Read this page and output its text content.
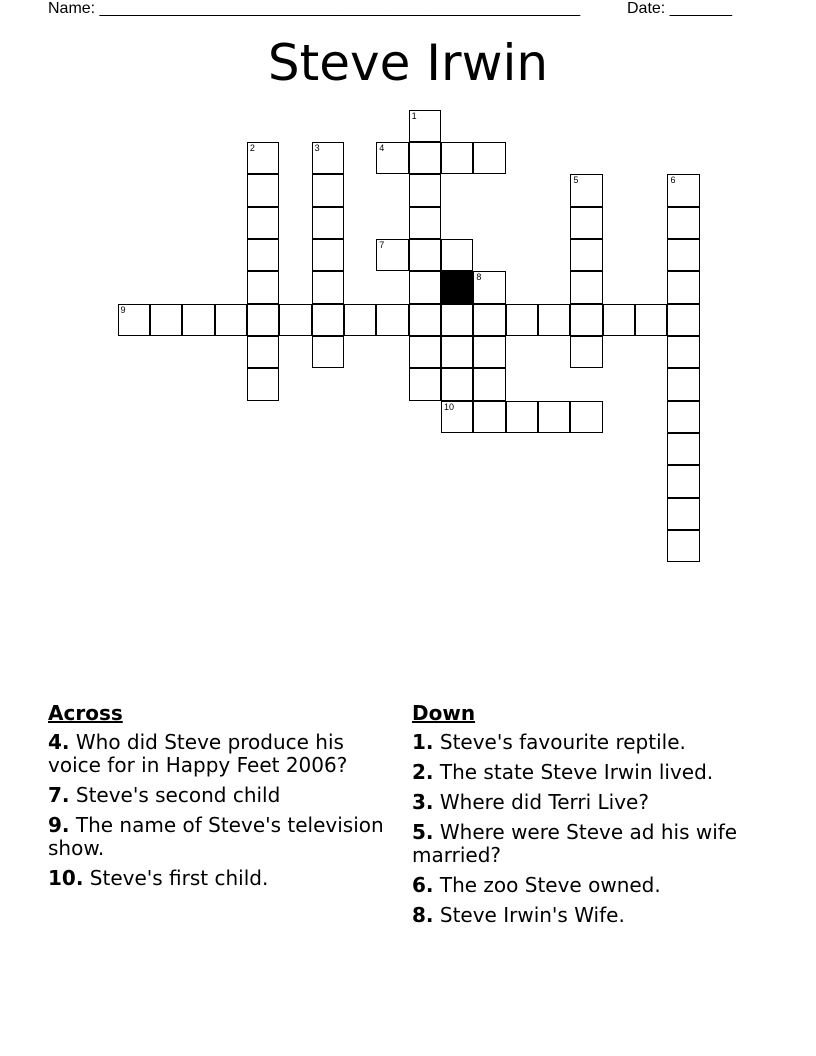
Name: ______________________________________________________	Date: _______
Steve Irwin
1
2	3	4
5	6
7
8
9
10
Across
4. Who did Steve produce his voice for in Happy Feet 2006?
7. Steve's second child
9. The name of Steve's television show.
10. Steve's first child.
Down
1. Steve's favourite reptile.
2. The state Steve Irwin lived.
3. Where did Terri Live?
5. Where were Steve ad his wife married?
6. The zoo Steve owned.
8. Steve Irwin's Wife.
